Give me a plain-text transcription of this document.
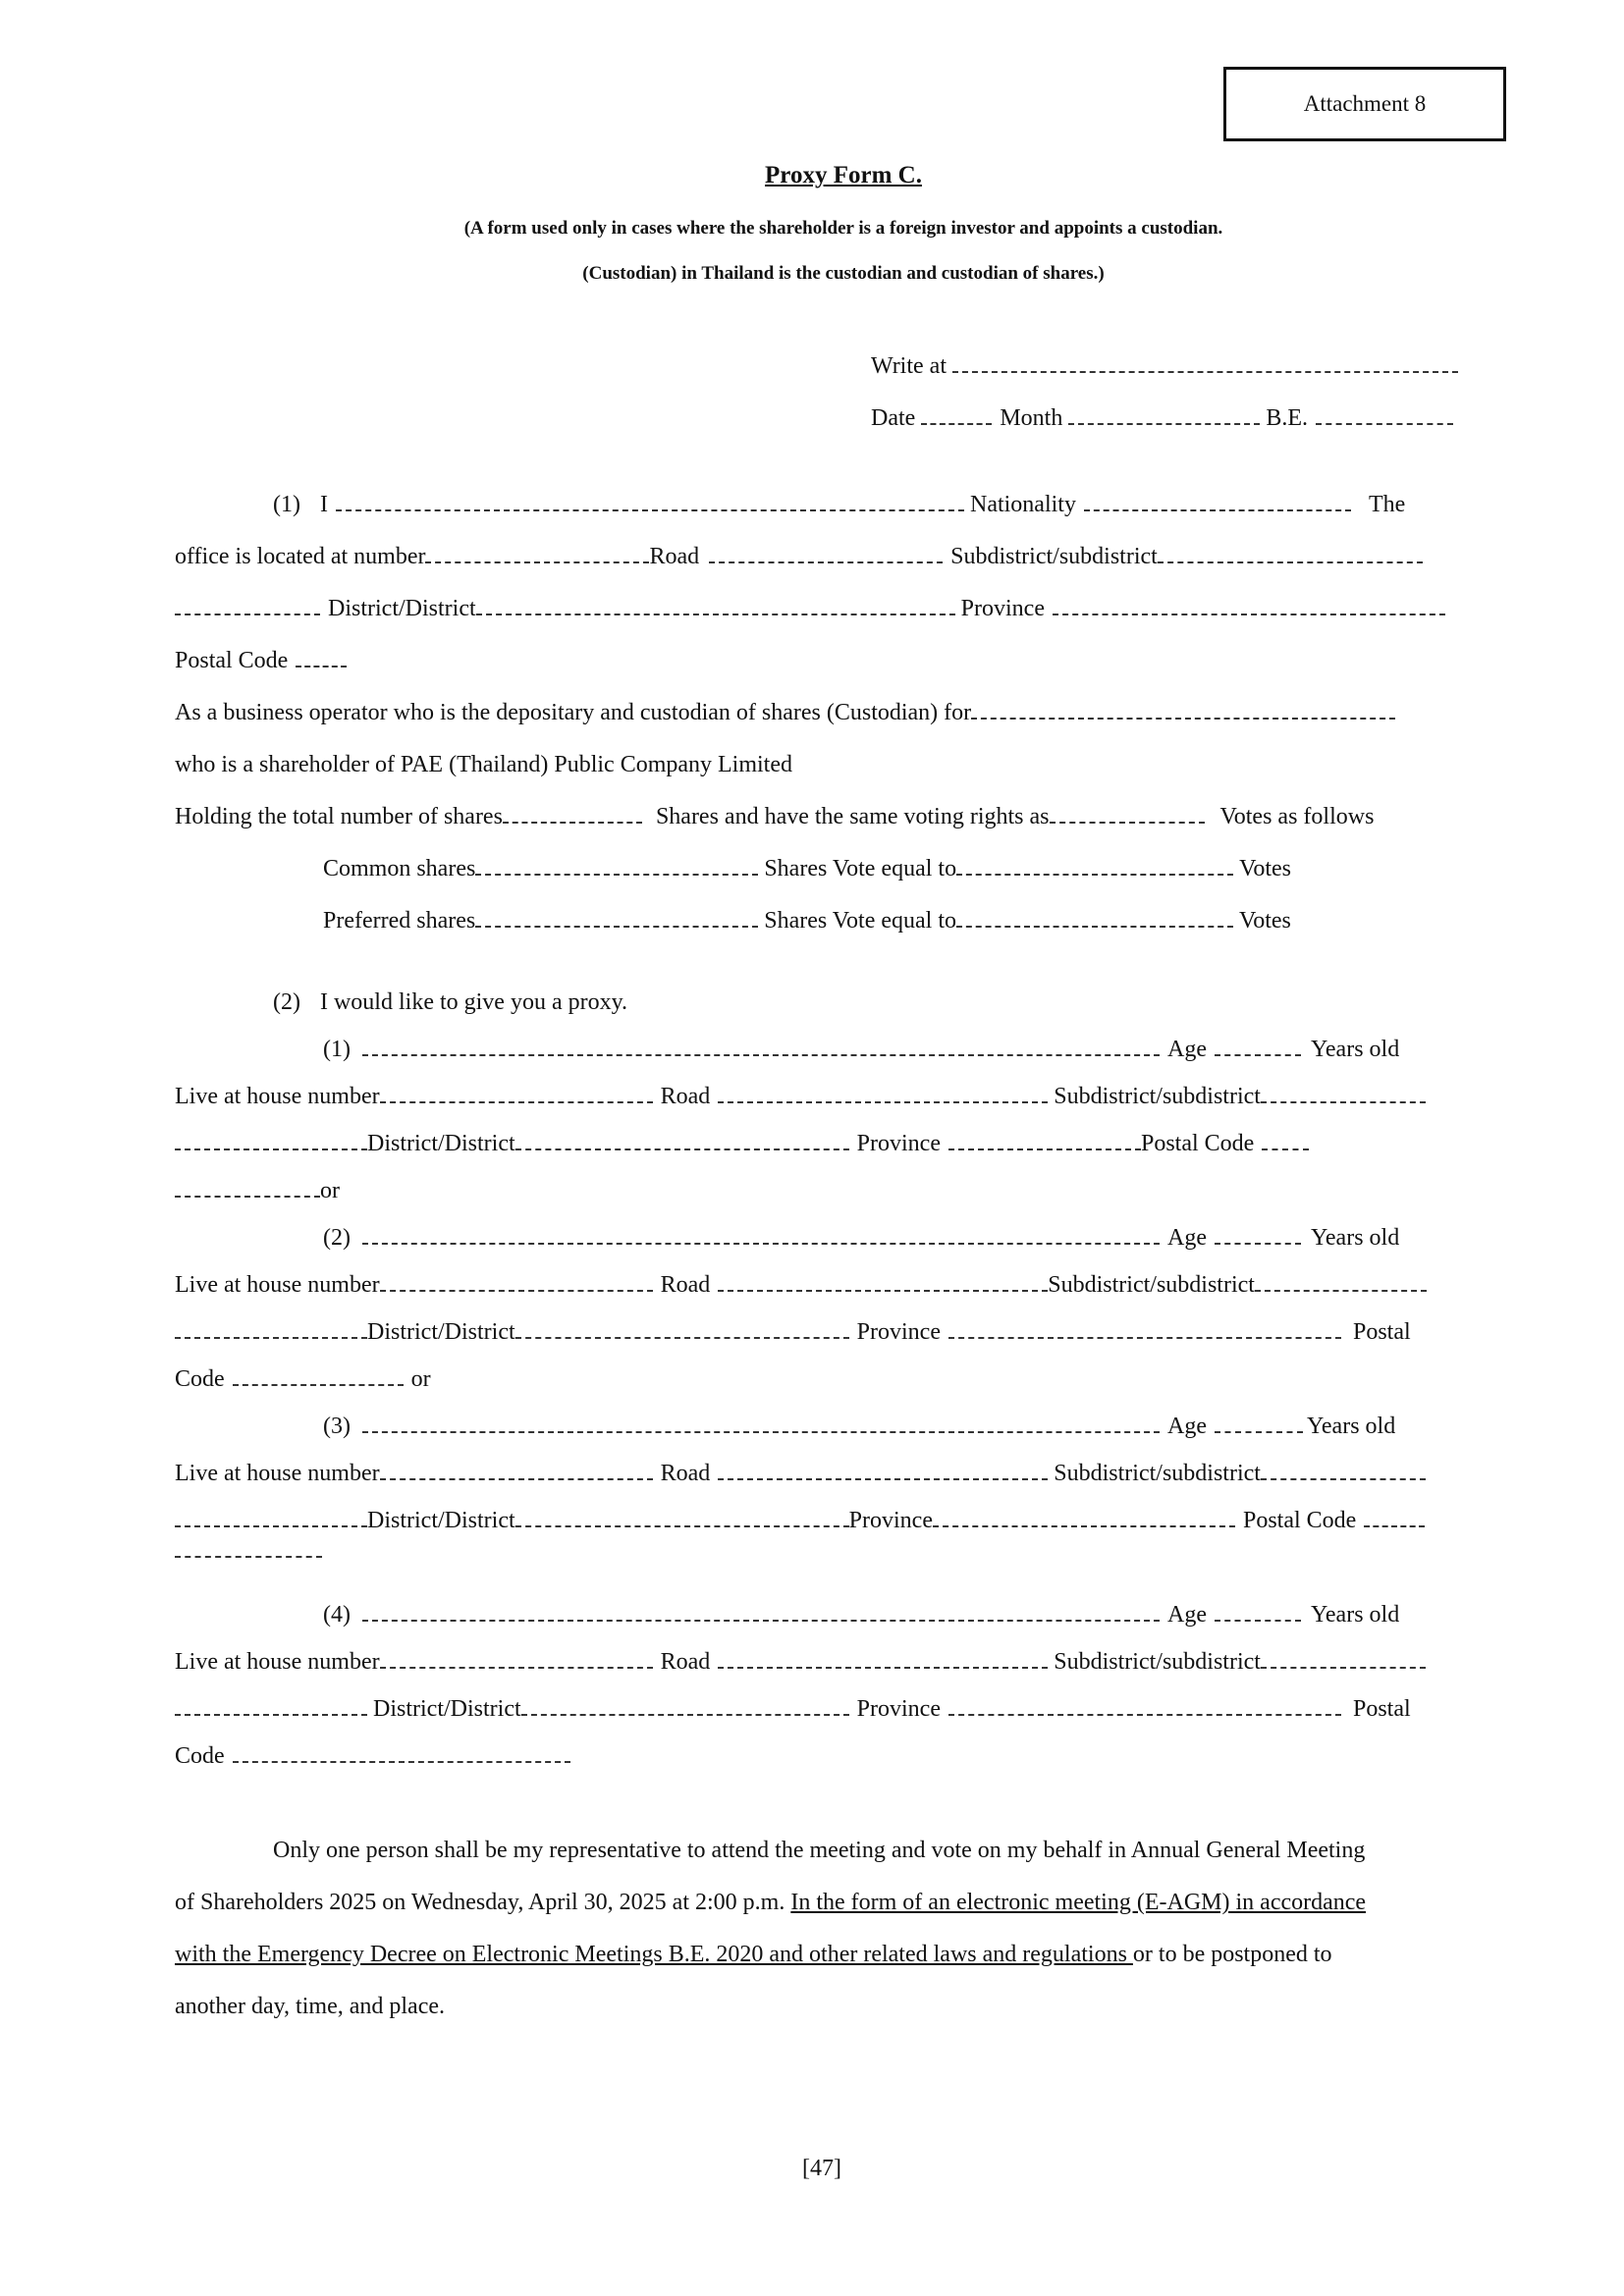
Attachment 8
Proxy Form C.
(A form used only in cases where the shareholder is a foreign investor and appoints a custodian.
(Custodian) in Thailand is the custodian and custodian of shares.)
Write at
Date	Month	B.E.
(1) I	Nationality	The
office is located at number	Road	Subdistrict/subdistrict
District/District	Province
Postal Code
As a business operator who is the depositary and custodian of shares (Custodian) for
who is a shareholder of PAE (Thailand) Public Company Limited
Holding the total number of shares	Shares and have the same voting rights as	Votes as follows
Common shares	Shares Vote equal to	Votes
Preferred shares	Shares Vote equal to	Votes
(2) I would like to give you a proxy.
(1)	Age	Years old
Live at house number	Road	Subdistrict/subdistrict
District/District	Province	Postal Code
or
(2)	Age	Years old
Live at house number	Road	Subdistrict/subdistrict
District/District	Province	Postal
Code	or
(3)	Age	Years old
Live at house number	Road	Subdistrict/subdistrict
District/District	Province	Postal Code
(4)	Age	Years old
Live at house number	Road	Subdistrict/subdistrict
District/District	Province	Postal
Code
Only one person shall be my representative to attend the meeting and vote on my behalf in Annual General Meeting
of Shareholders 2025 on Wednesday, April 30, 2025 at 2:00 p.m. In the form of an electronic meeting (E-AGM) in accordance
with the Emergency Decree on Electronic Meetings B.E. 2020 and other related laws and regulations or to be postponed to
another day, time, and place.
[47]
